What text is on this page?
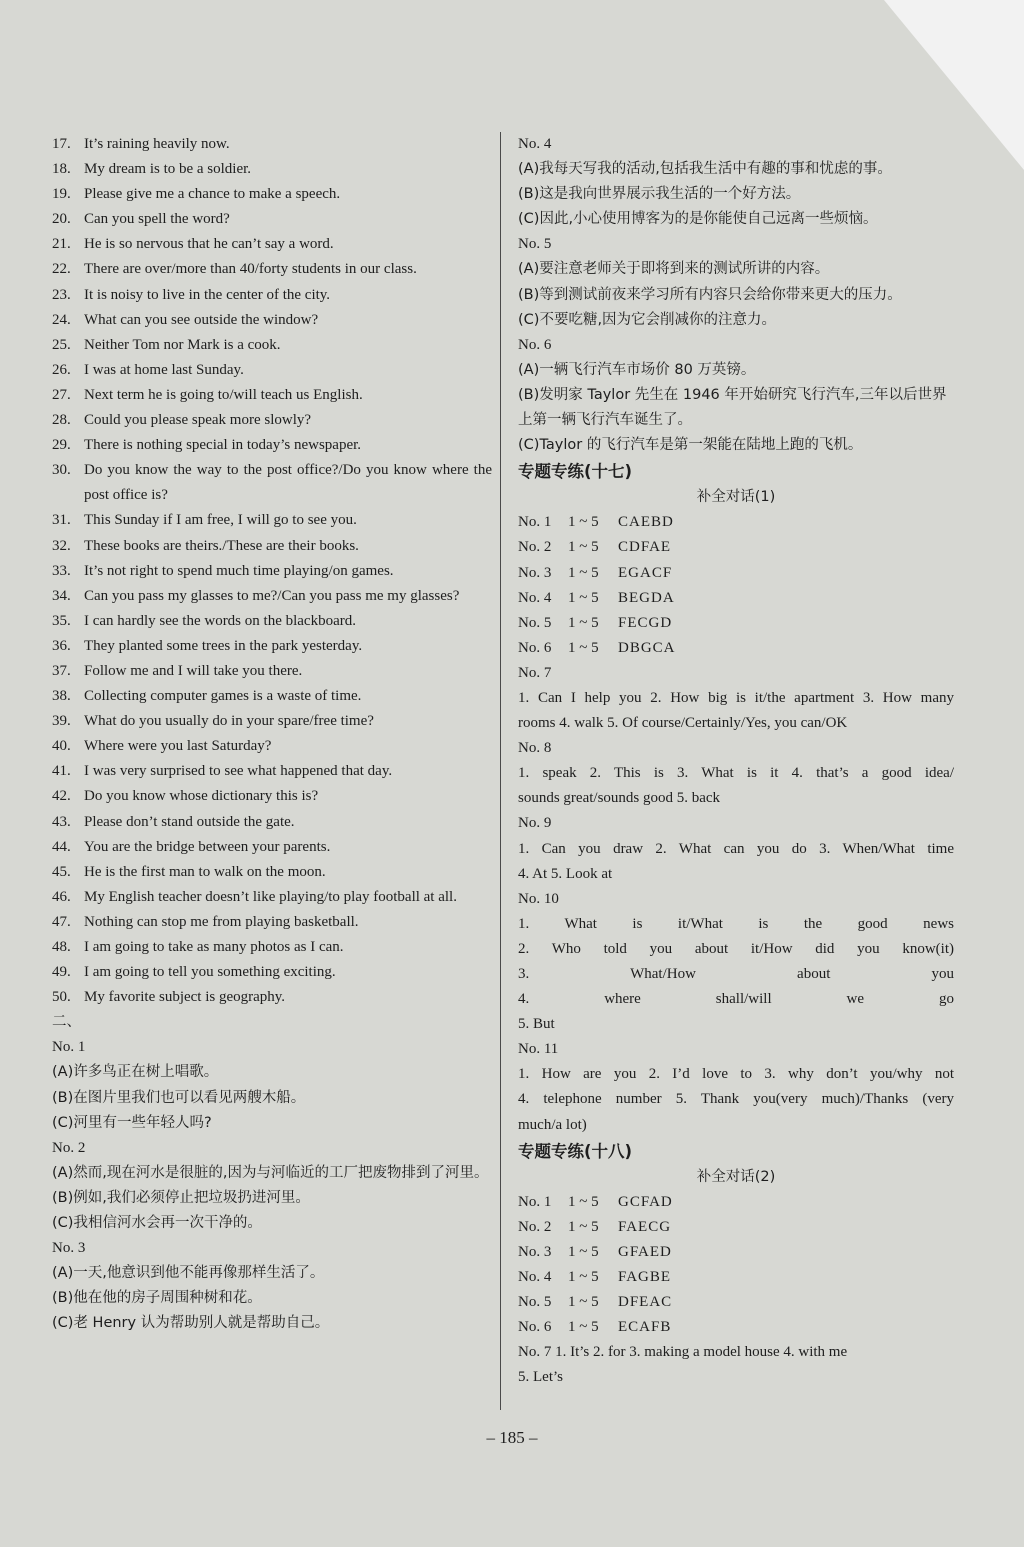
17. It’s raining heavily now.
18. My dream is to be a soldier.
19. Please give me a chance to make a speech.
20. Can you spell the word?
21. He is so nervous that he can’t say a word.
22. There are over/more than 40/forty students in our class.
23. It is noisy to live in the center of the city.
24. What can you see outside the window?
25. Neither Tom nor Mark is a cook.
26. I was at home last Sunday.
27. Next term he is going to/will teach us English.
28. Could you please speak more slowly?
29. There is nothing special in today’s newspaper.
30. Do you know the way to the post office?/Do you know where the post office is?
31. This Sunday if I am free, I will go to see you.
32. These books are theirs./These are their books.
33. It’s not right to spend much time playing/on games.
34. Can you pass my glasses to me?/Can you pass me my glasses?
35. I can hardly see the words on the blackboard.
36. They planted some trees in the park yesterday.
37. Follow me and I will take you there.
38. Collecting computer games is a waste of time.
39. What do you usually do in your spare/free time?
40. Where were you last Saturday?
41. I was very surprised to see what happened that day.
42. Do you know whose dictionary this is?
43. Please don’t stand outside the gate.
44. You are the bridge between your parents.
45. He is the first man to walk on the moon.
46. My English teacher doesn’t like playing/to play football at all.
47. Nothing can stop me from playing basketball.
48. I am going to take as many photos as I can.
49. I am going to tell you something exciting.
50. My favorite subject is geography.
二、
No. 1
(A)许多鸟正在树上唱歌。
(B)在图片里我们也可以看见两艘木船。
(C)河里有一些年轻人吗?
No. 2
(A)然而,现在河水是很脏的,因为与河临近的工厂把废物排到了河里。
(B)例如,我们必须停止把垃圾扔进河里。
(C)我相信河水会再一次干净的。
No. 3
(A)一天,他意识到他不能再像那样生活了。
(B)他在他的房子周围种树和花。
(C)老 Henry 认为帮助别人就是帮助自己。
No. 4
(A)我每天写我的活动,包括我生活中有趣的事和忧虑的事。
(B)这是我向世界展示我生活的一个好方法。
(C)因此,小心使用博客为的是你能使自己远离一些烦恼。
No. 5
(A)要注意老师关于即将到来的测试所讲的内容。
(B)等到测试前夜来学习所有内容只会给你带来更大的压力。
(C)不要吃糖,因为它会削减你的注意力。
No. 6
(A)一辆飞行汽车市场价 80 万英镑。
(B)发明家 Taylor 先生在 1946 年开始研究飞行汽车,三年以后世界上第一辆飞行汽车诞生了。
(C)Taylor 的飞行汽车是第一架能在陆地上跑的飞机。
专题专练(十七)
补全对话(1)
No. 1	1 ~ 5	CAEBD
No. 2	1 ~ 5	CDFAE
No. 3	1 ~ 5	EGACF
No. 4	1 ~ 5	BEGDA
No. 5	1 ~ 5	FECGD
No. 6	1 ~ 5	DBGCA
No. 7
1. Can I help you 2. How big is it/the apartment 3. How many
rooms 4. walk 5. Of course/Certainly/Yes, you can/OK
No. 8
1. speak 2. This is 3. What is it 4. that’s a good idea/
sounds great/sounds good 5. back
No. 9
1. Can you draw 2. What can you do 3. When/What time
4. At 5. Look at
No. 10
1. What is it/What is the good news
2. Who told you about it/How did you know(it)
3. What/How about you
4. where shall/will we go
5. But
No. 11
1. How are you 2. I’d love to 3. why don’t you/why not
4. telephone number 5. Thank you(very much)/Thanks (very
much/a lot)
专题专练(十八)
补全对话(2)
No. 1	1 ~ 5	GCFAD
No. 2	1 ~ 5	FAECG
No. 3	1 ~ 5	GFAED
No. 4	1 ~ 5	FAGBE
No. 5	1 ~ 5	DFEAC
No. 6	1 ~ 5	ECAFB
No. 7 1. It’s 2. for 3. making a model house 4. with me
5. Let’s
– 185 –
